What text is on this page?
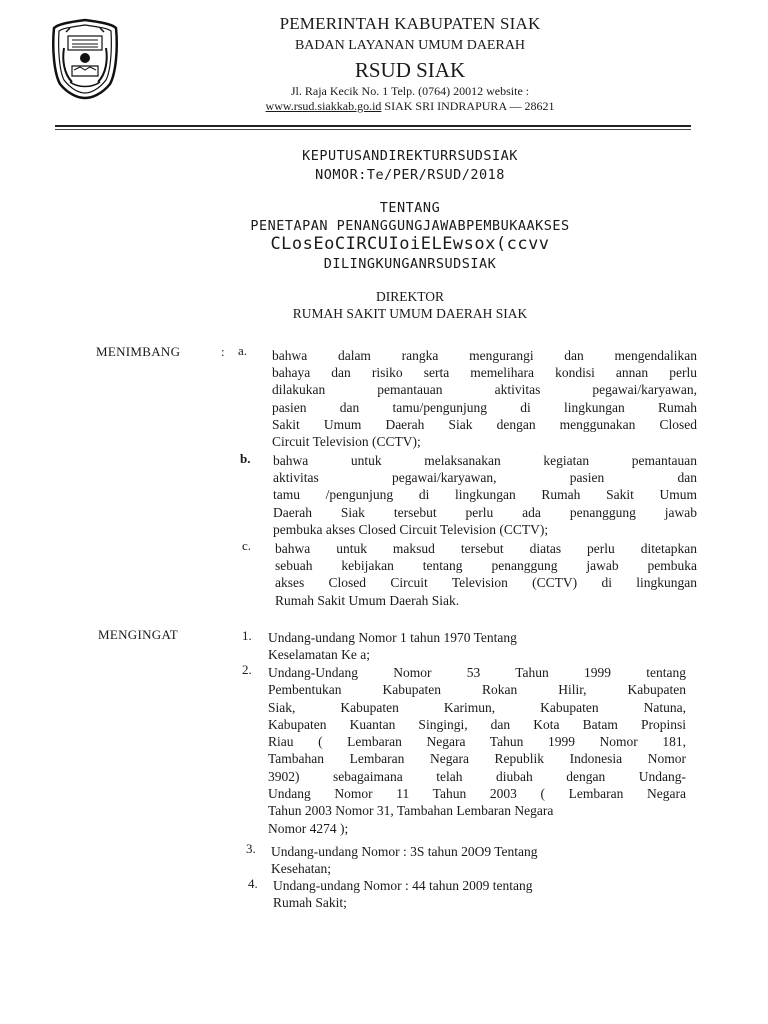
PEMERINTAH KABUPATEN SIAK
BADAN LAYANAN UMUM DAERAH
RSUD SIAK
Jl. Raja Kecik No. 1 Telp. (0764) 20012 website :
www.rsud.siakkab.go.id SIAK SRI INDRAPURA — 28621
KEPUTUSANDIREKTURRSUDSIAK
NOMOR:Te/PER/RSUD/2018
TENTANG
PENETAPAN PENANGGUNGJAWABPEMBUKAAKSES
CLosEoCIRCUIoiELEwsox(ccvv
DILINGKUNGANRSUDSIAK
DIREKTOR
RUMAH SAKIT UMUM DAERAH SIAK
MENIMBANG	: a. bahwa dalam rangka mengurangi dan mengendalikan
bahaya dan risiko serta memelihara kondisi annan perlu
dilakukan pemantauan aktivitas pegawai/karyawan,
pasien dan tamu/pengunjung di lingkungan Rumah
Sakit Umum Daerah Siak dengan menggunakan Closed
Circuit Television (CCTV);
b. bahwa untuk melaksanakan kegiatan pemantauan
aktivitas pegawai/karyawan, pasien dan
tamu /pengunjung di lingkungan Rumah Sakit Umum
Daerah Siak tersebut perlu ada penanggung jawab
pembuka akses Closed Circuit Television (CCTV);
c. bahwa untuk maksud tersebut diatas perlu ditetapkan
sebuah kebijakan tentang penanggung jawab pembuka
akses Closed Circuit Television (CCTV) di lingkungan
Rumah Sakit Umum Daerah Siak.
MENGINGAT	1. Undang-undang Nomor 1 tahun 1970 Tentang
Keselamatan Ke a;
2. Undang-Undang Nomor 53 Tahun 1999 tentang
Pembentukan Kabupaten Rokan Hilir, Kabupaten
Siak, Kabupaten Karimun, Kabupaten Natuna,
Kabupaten Kuantan Singingi, dan Kota Batam Propinsi
Riau ( Lembaran Negara Tahun 1999 Nomor 181,
Tambahan Lembaran Negara Republik Indonesia Nomor
3902) sebagaimana telah diubah dengan Undang-
Undang Nomor 11 Tahun 2003 ( Lembaran Negara
Tahun 2003 Nomor 31, Tambahan Lembaran Negara
Nomor 4274 );
3. Undang-undang Nomor : 3S tahun 20O9 Tentang
Kesehatan;
4. Undang-undang Nomor : 44 tahun 2009 tentang
Rumah Sakit;
